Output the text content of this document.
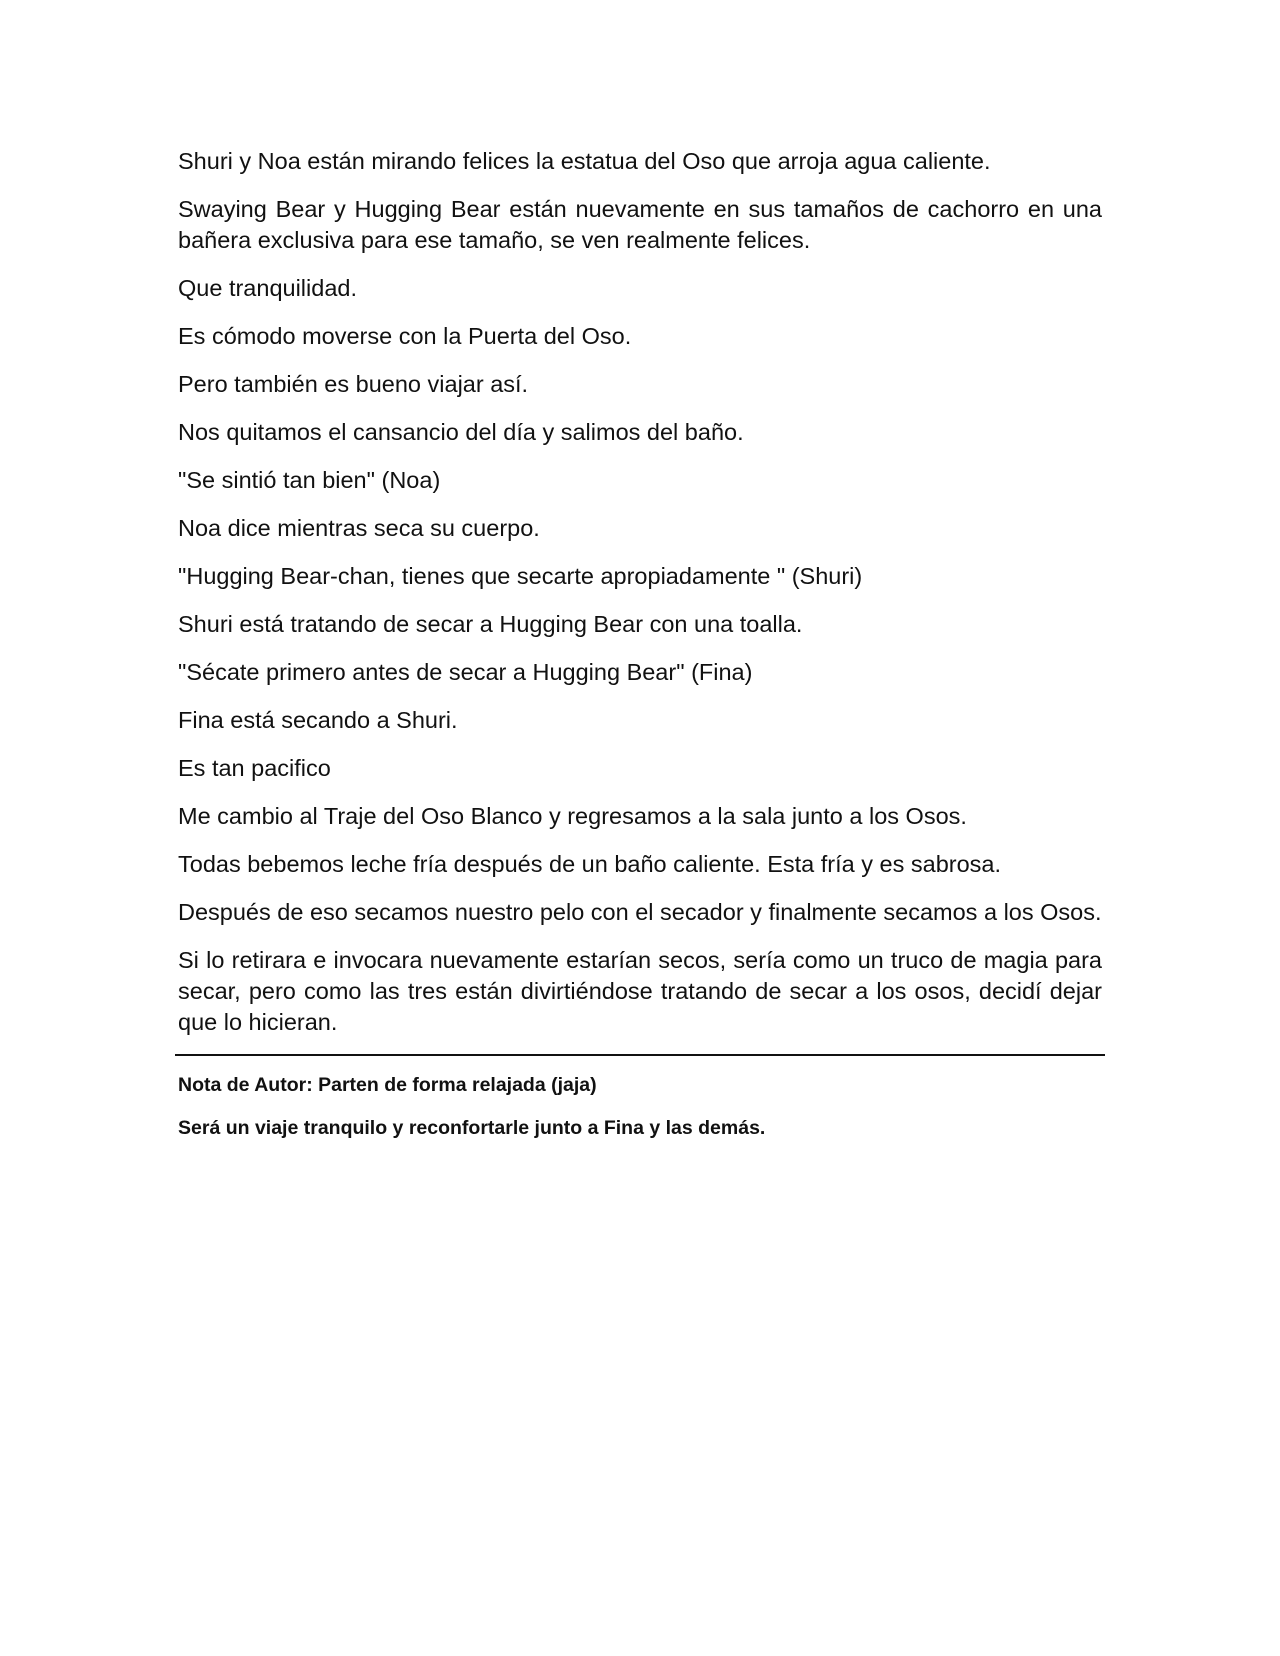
Shuri y Noa están mirando felices la estatua del Oso que arroja agua caliente.

Swaying Bear y Hugging Bear están nuevamente en sus tamaños de cachorro en una bañera exclusiva para ese tamaño, se ven realmente felices.

Que tranquilidad.

Es cómodo moverse con la Puerta del Oso.

Pero también es bueno viajar así.

Nos quitamos el cansancio del día y salimos del baño.

"Se sintió tan bien" (Noa)

Noa dice mientras seca su cuerpo.

"Hugging Bear-chan, tienes que secarte apropiadamente " (Shuri)

Shuri está tratando de secar a Hugging Bear con una toalla.

"Sécate primero antes de secar a Hugging Bear" (Fina)

Fina está secando a Shuri.

Es tan pacifico

Me cambio al Traje del Oso Blanco y regresamos a la sala junto a los Osos.

Todas bebemos leche fría después de un baño caliente. Esta fría y es sabrosa.

Después de eso secamos nuestro pelo con el secador y finalmente secamos a los Osos.

Si lo retirara e invocara nuevamente estarían secos, sería como un truco de magia para secar, pero como las tres están divirtiéndose tratando de secar a los osos, decidí dejar que lo hicieran.

Nota de Autor: Parten de forma relajada (jaja)

Será un viaje tranquilo y reconfortarle junto a Fina y las demás.
